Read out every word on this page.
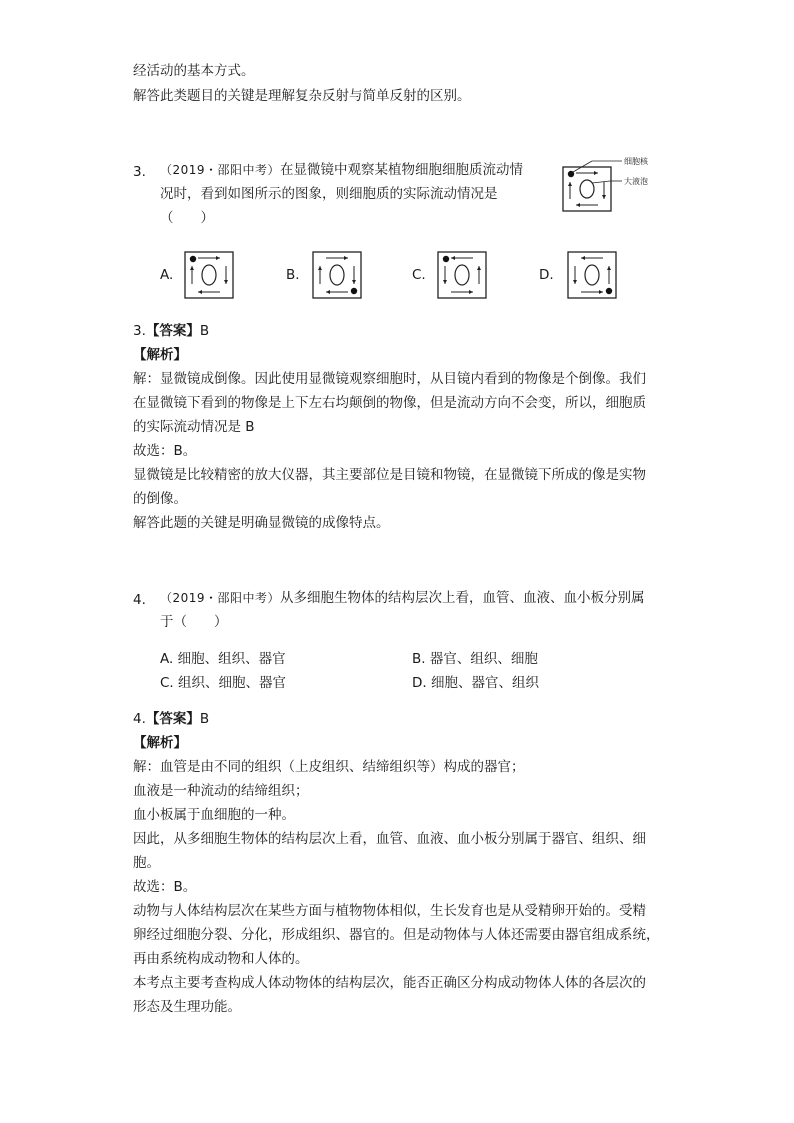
经活动的基本方式。
解答此类题目的关键是理解复杂反射与简单反射的区别。
3. （2019・邵阳中考）在显微镜中观察某植物细胞细胞质流动情
况时，看到如图所示的图象，则细胞质的实际流动情况是
（　　）
细胞核
大液泡
A.	B.	C.	D.
3.【答案】B
【解析】
解：显微镜成倒像。因此使用显微镜观察细胞时，从目镜内看到的物像是个倒像。我们
在显微镜下看到的物像是上下左右均颠倒的物像，但是流动方向不会变，所以，细胞质
的实际流动情况是 B
故选：B。
显微镜是比较精密的放大仪器，其主要部位是目镜和物镜，在显微镜下所成的像是实物
的倒像。
解答此题的关键是明确显微镜的成像特点。
4. （2019・邵阳中考）从多细胞生物体的结构层次上看，血管、血液、血小板分别属
于（　　）
A. 细胞、组织、器官	B. 器官、组织、细胞
C. 组织、细胞、器官	D. 细胞、器官、组织
4.【答案】B
【解析】
解：血管是由不同的组织（上皮组织、结缔组织等）构成的器官；
血液是一种流动的结缔组织；
血小板属于血细胞的一种。
因此，从多细胞生物体的结构层次上看，血管、血液、血小板分别属于器官、组织、细
胞。
故选：B。
动物与人体结构层次在某些方面与植物物体相似，生长发育也是从受精卵开始的。受精
卵经过细胞分裂、分化，形成组织、器官的。但是动物体与人体还需要由器官组成系统，
再由系统构成动物和人体的。
本考点主要考查构成人体动物体的结构层次，能否正确区分构成动物体人体的各层次的
形态及生理功能。
